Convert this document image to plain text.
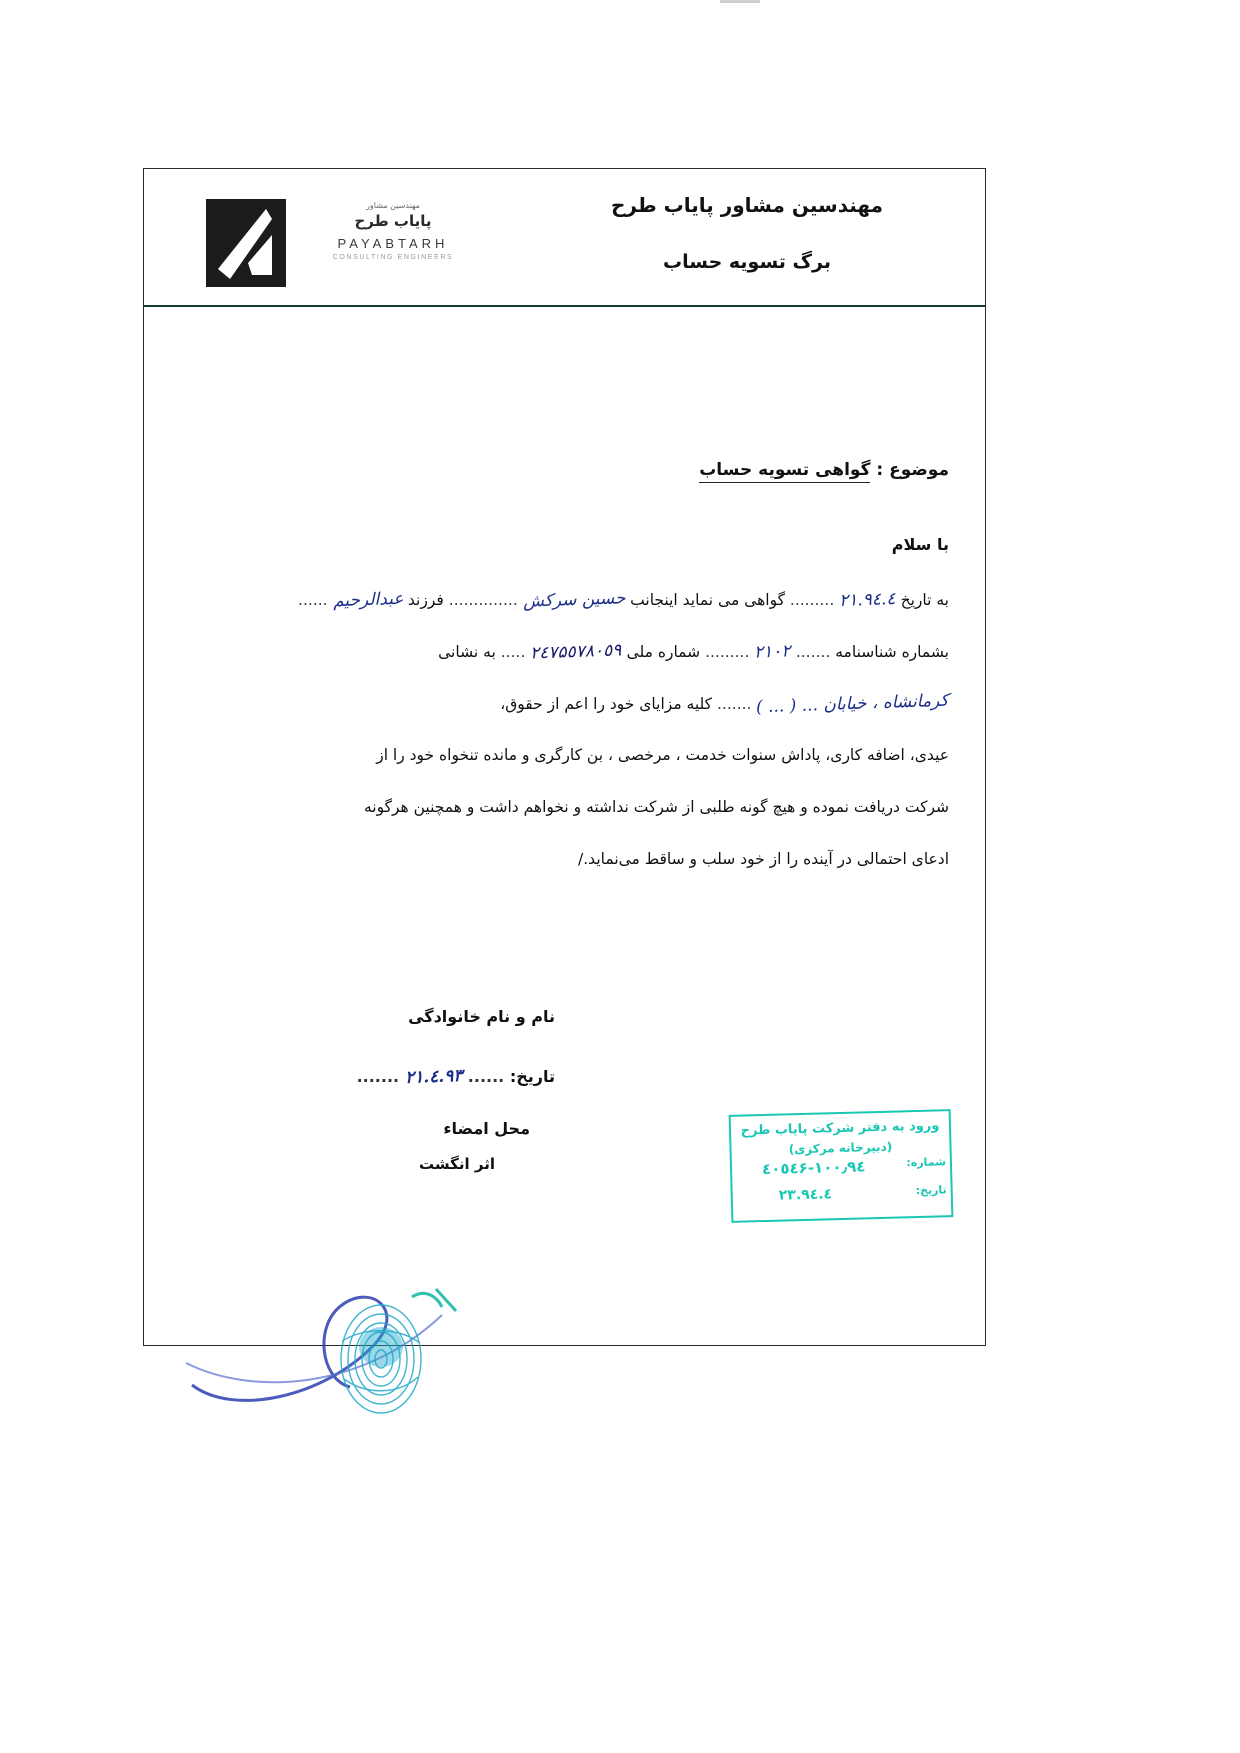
مهندسین مشاور
پایاب طرح
PAYABTARH
CONSULTING ENGINEERS
مهندسین مشاور پایاب طرح
برگ تسویه حساب
موضوع : گواهی تسویه حساب
با سلام
به تاریخ ۹٤.٤.۲۱ ......... گواهی می نماید اینجانب حسین سرکش .............. فرزند عبدالرحیم ......
بشماره شناسنامه ....... ۲۱۰۲ ......... شماره ملی ۲٤۷۵٥۷۸۰٥۹ ..... به نشانی
کرمانشاه ، خیابان ... ( ... ) ....... کلیه مزایای خود را اعم از حقوق،
عیدی، اضافه کاری، پاداش سنوات خدمت ، مرخصی ، بن کارگری و مانده تنخواه خود را از
شرکت دریافت نموده و هیچ گونه طلبی از شرکت نداشته و نخواهم داشت و همچنین هرگونه
ادعای احتمالی در آینده را از خود سلب و ساقط می‌نماید./
نام و نام خانوادگی
تاریخ: ...... ۹۳.٤.۲۱ .......
محل امضاء
اثر انگشت
ورود به دفتر شرکت پایاب طرح
(دبیرخانه مرکزی)
شماره:
۱۰۰٫۹٤-٤۰٥٤۶
تاریخ:
۹٤.٤.۲۳
